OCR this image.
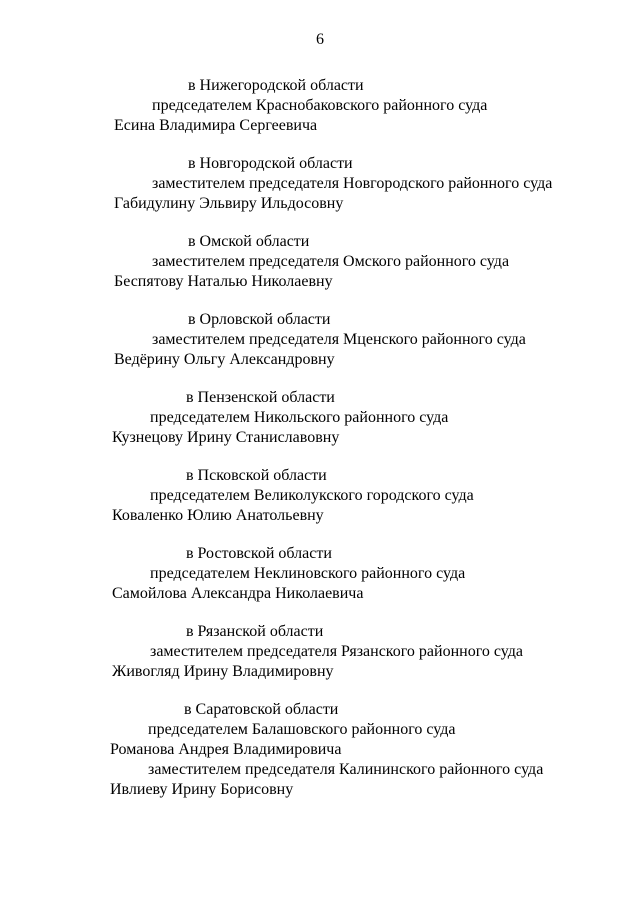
6
в Нижегородской области
председателем Краснобаковского районного суда
Есина Владимира Сергеевича
в Новгородской области
заместителем председателя Новгородского районного суда
Габидулину Эльвиру Ильдосовну
в Омской области
заместителем председателя Омского районного суда
Беспятову Наталью Николаевну
в Орловской области
заместителем председателя Мценского районного суда
Ведёрину Ольгу Александровну
в Пензенской области
председателем Никольского районного суда
Кузнецову Ирину Станиславовну
в Псковской области
председателем Великолукского городского суда
Коваленко Юлию Анатольевну
в Ростовской области
председателем Неклиновского районного суда
Самойлова Александра Николаевича
в Рязанской области
заместителем председателя Рязанского районного суда
Живогляд Ирину Владимировну
в Саратовской области
председателем Балашовского районного суда
Романова Андрея Владимировича
заместителем председателя Калининского районного суда
Ивлиеву Ирину Борисовну
